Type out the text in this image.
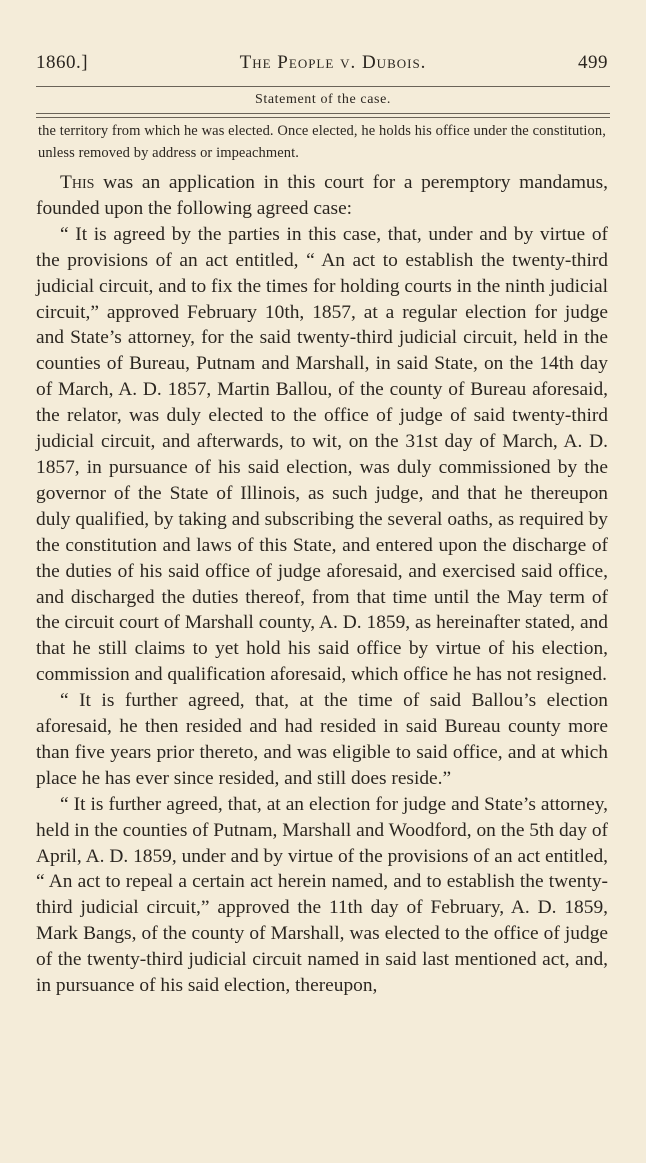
1860.]	The People v. Dubois.	499
Statement of the case.
the territory from which he was elected. Once elected, he holds his office under the constitution, unless removed by address or impeachment.

This was an application in this court for a peremptory mandamus, founded upon the following agreed case:

“ It is agreed by the parties in this case, that, under and by virtue of the provisions of an act entitled, “ An act to establish the twenty-third judicial circuit, and to fix the times for holding courts in the ninth judicial circuit,” approved February 10th, 1857, at a regular election for judge and State’s attorney, for the said twenty-third judicial circuit, held in the counties of Bureau, Putnam and Marshall, in said State, on the 14th day of March, A. D. 1857, Martin Ballou, of the county of Bureau aforesaid, the relator, was duly elected to the office of judge of said twenty-third judicial circuit, and afterwards, to wit, on the 31st day of March, A. D. 1857, in pursuance of his said election, was duly commissioned by the governor of the State of Illinois, as such judge, and that he thereupon duly qualified, by taking and subscribing the several oaths, as required by the constitution and laws of this State, and entered upon the discharge of the duties of his said office of judge aforesaid, and exercised said office, and discharged the duties thereof, from that time until the May term of the circuit court of Marshall county, A. D. 1859, as hereinafter stated, and that he still claims to yet hold his said office by virtue of his election, commission and qualification aforesaid, which office he has not resigned.

“ It is further agreed, that, at the time of said Ballou’s election aforesaid, he then resided and had resided in said Bureau county more than five years prior thereto, and was eligible to said office, and at which place he has ever since resided, and still does reside.”

“ It is further agreed, that, at an election for judge and State’s attorney, held in the counties of Putnam, Marshall and Woodford, on the 5th day of April, A. D. 1859, under and by virtue of the provisions of an act entitled, “ An act to repeal a certain act herein named, and to establish the twenty-third judicial circuit,” approved the 11th day of February, A. D. 1859, Mark Bangs, of the county of Marshall, was elected to the office of judge of the twenty-third judicial circuit named in said last mentioned act, and, in pursuance of his said election, thereupon,
